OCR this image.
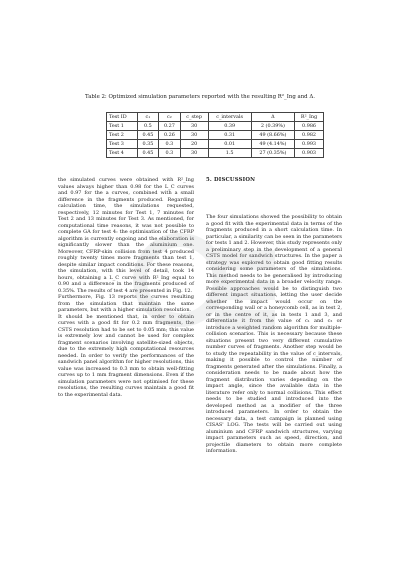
Table 2: Optimized simulation parameters reported with the resulting R²_Ing and Δ.
Test ID	c₁	c₂	c_step	c_intervals	Δ	R²_Ing
Test 1	0.5	0.27	30	0.39	2 (0.39%)	0.986
Test 2	0.45	0.26	30	0.31	49 (8.66%)	0.982
Test 3	0.35	0.3	20	0.01	49 (4.14%)	0.993
Test 4	0.45	0.3	30	1.5	27 (0.35%)	0.903

the simulated curves were obtained with R²_Ing values always higher than 0.98 for the L_C curves and 0.97 for the a curves, combined with a small difference in the fragments produced. Regarding calculation time, the simulations requested, respectively, 12 minutes for Test 1, 7 minutes for Test 2 and 13 minutes for Test 3. As mentioned, for computational time reasons, it was not possible to complete GA for test 4: the optimisation of the CFRP algorithm is currently ongoing and the elaboration is significantly slower than the aluminium one. Moreover, CFRP-skin collision from test 4 produced roughly twenty times more fragments than test 1, despite similar impact conditions. For these reasons, the simulation, with this level of detail, took 14 hours, obtaining a L_C curve with R²_Ing equal to 0.90 and a difference in the fragments produced of 0.35%. The results of test 4 are presented in Fig. 12.

Furthermore, Fig. 13 reports the curves resulting from the simulation that maintain the same parameters, but with a higher simulation resolution.

It should be mentioned that, in order to obtain curves with a good fit for 0.2 mm fragments, the CSTS resolution had to be set to 0.05 mm; this value is extremely low and cannot be used for complex fragment scenarios involving satellite-sized objects, due to the extremely high computational resources needed. In order to verify the performances of the sandwich panel algorithm for higher resolutions, this value was increased to 0.3 mm to obtain well-fitting curves up to 1 mm fragment dimensions. Even if the simulation parameters were not optimised for these resolutions, the resulting curves maintain a good fit to the experimental data.

5. DISCUSSION

The four simulations showed the possibility to obtain a good fit with the experimental data in terms of the fragments produced in a short calculation time. In particular, a similarity can be seen in the parameters for tests 1 and 2. However, this study represents only a preliminary step in the development of a general CSTS model for sandwich structures. In the paper a strategy was explored to obtain good fitting results considering some parameters of the simulations. This method needs to be generalised by introducing more experimental data in a broader velocity range. Possible approaches would be to distinguish two different impact situations, letting the user decide whether the impact would occur on the corresponding wall or a honeycomb cell, as in test 2, or in the centre of it, as in tests 1 and 3, and differentiate it from the value of c₁ and c₂ or introduce a weighted random algorithm for multiple-collision scenarios. This is necessary because these situations present two very different cumulative number curves of fragments. Another step would be to study the repeatability in the value of c_intervals, making it possible to control the number of fragments generated after the simulations. Finally, a consideration needs to be made about how the fragment distribution varies depending on the impact angle, since the available data in the literature refer only to normal collisions. This effect needs to be studied and introduced into the developed method as a modifier of the three introduced parameters. In order to obtain the necessary data, a test campaign is planned using CISAS' LOG. The tests will be carried out using aluminium and CFRP sandwich structures, varying impact parameters such as speed, direction, and projectile diameters to obtain more complete information.
